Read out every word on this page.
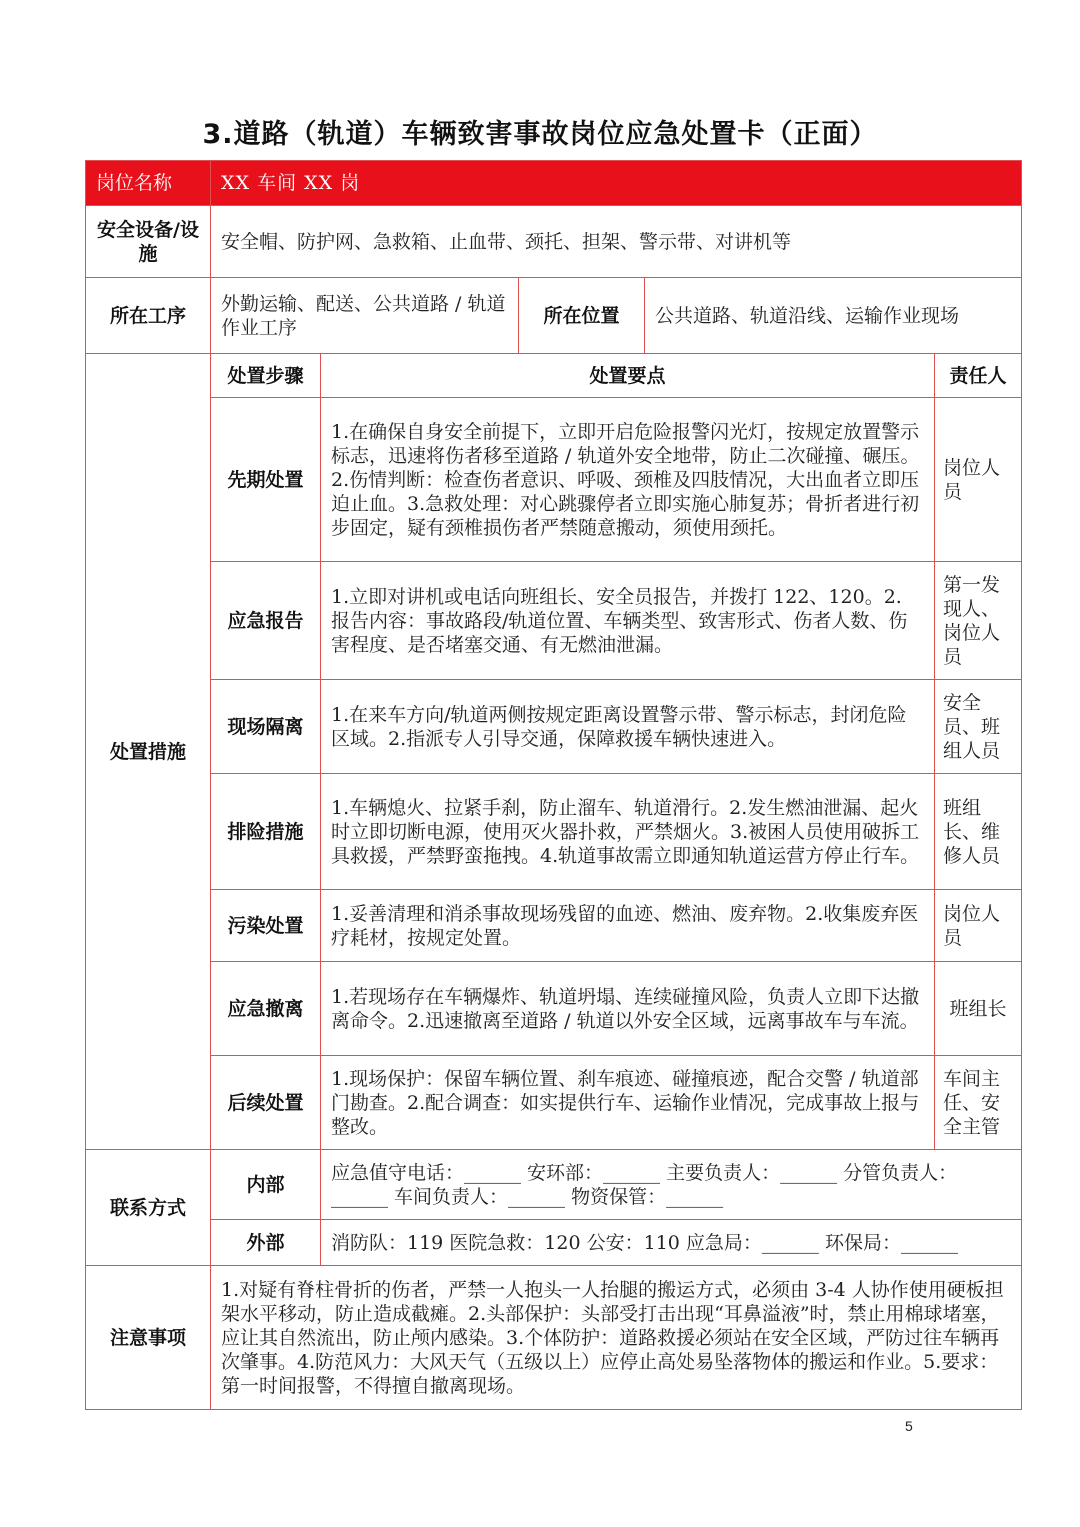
3.道路（轨道）车辆致害事故岗位应急处置卡（正面）
岗位名称	XX 车间 XX 岗				
安全设备/设施	安全帽、防护网、急救箱、止血带、颈托、担架、警示带、对讲机等				
所在工序	外勤运输、配送、公共道路 / 轨道作业工序		所在位置	公共道路、轨道沿线、运输作业现场	
处置措施	处置步骤	处置要点			责任人
	先期处置	1.在确保自身安全前提下，立即开启危险报警闪光灯，按规定放置警示标志，迅速将伤者移至道路 / 轨道外安全地带，防止二次碰撞、碾压。2.伤情判断：检查伤者意识、呼吸、颈椎及四肢情况，大出血者立即压迫止血。3.急救处理：对心跳骤停者立即实施心肺复苏；骨折者进行初步固定，疑有颈椎损伤者严禁随意搬动，须使用颈托。			岗位人员
	应急报告	1.立即对讲机或电话向班组长、安全员报告，并拨打 122、120。2. 报告内容：事故路段/轨道位置、车辆类型、致害形式、伤者人数、伤害程度、是否堵塞交通、有无燃油泄漏。			第一发现人、岗位人员
	现场隔离	1.在来车方向/轨道两侧按规定距离设置警示带、警示标志，封闭危险区域。2.指派专人引导交通，保障救援车辆快速进入。			安全员、班组人员
	排险措施	1.车辆熄火、拉紧手刹，防止溜车、轨道滑行。2.发生燃油泄漏、起火时立即切断电源，使用灭火器扑救，严禁烟火。3.被困人员使用破拆工具救援，严禁野蛮拖拽。4.轨道事故需立即通知轨道运营方停止行车。			班组长、维修人员
	污染处置	1.妥善清理和消杀事故现场残留的血迹、燃油、废弃物。2.收集废弃医疗耗材，按规定处置。			岗位人员
	应急撤离	1.若现场存在车辆爆炸、轨道坍塌、连续碰撞风险，负责人立即下达撤离命令。2.迅速撤离至道路 / 轨道以外安全区域，远离事故车与车流。			班组长
	后续处置	1.现场保护：保留车辆位置、刹车痕迹、碰撞痕迹，配合交警 / 轨道部门勘查。2.配合调查：如实提供行车、运输作业情况，完成事故上报与整改。			车间主任、安全主管
联系方式	内部	应急值守电话：______ 安环部：______ 主要负责人：______ 分管负责人：______ 车间负责人：______ 物资保管：______			
	外部	消防队：119 医院急救：120 公安：110 应急局：______ 环保局：______			
注意事项	1.对疑有脊柱骨折的伤者，严禁一人抱头一人抬腿的搬运方式，必须由 3-4 人协作使用硬板担架水平移动，防止造成截瘫。2.头部保护：头部受打击出现“耳鼻溢液”时，禁止用棉球堵塞，应让其自然流出，防止颅内感染。3.个体防护：道路救援必须站在安全区域，严防过往车辆再次肇事。4.防范风力：大风天气（五级以上）应停止高处易坠落物体的搬运和作业。5.要求：第一时间报警，不得擅自撤离现场。				
5
